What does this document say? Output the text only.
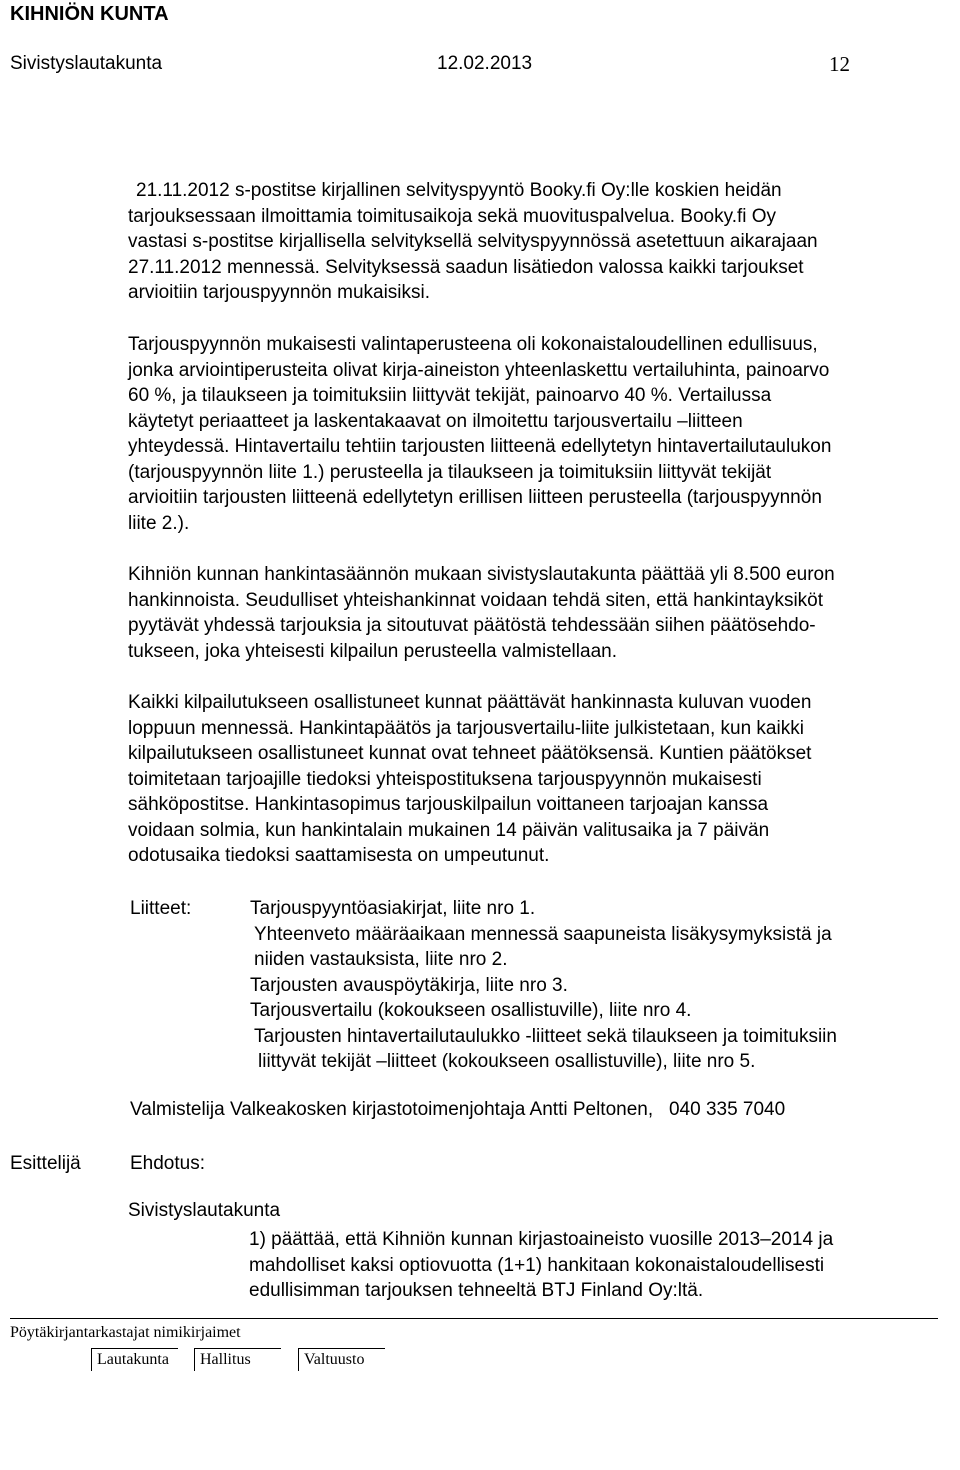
KIHNIÖN KUNTA
Sivistyslautakunta	12.02.2013	12
21.11.2012 s-postitse kirjallinen selvityspyyntö Booky.fi Oy:lle koskien heidän
tarjouksessaan ilmoittamia toimitusaikoja sekä muovituspalvelua. Booky.fi Oy
vastasi s-postitse kirjallisella selvityksellä selvityspyynnössä asetettuun aikarajaan
27.11.2012 mennessä. Selvityksessä saadun lisätiedon valossa kaikki tarjoukset
arvioitiin tarjouspyynnön mukaisiksi.
Tarjouspyynnön mukaisesti valintaperusteena oli kokonaistaloudellinen edullisuus,
jonka arviointiperusteita olivat kirja-aineiston yhteenlaskettu vertailuhinta, painoarvo
60 %, ja tilaukseen ja toimituksiin liittyvät tekijät, painoarvo 40 %. Vertailussa
käytetyt periaatteet ja laskentakaavat on ilmoitettu tarjousvertailu –liitteen
yhteydessä. Hintavertailu tehtiin tarjousten liitteenä edellytetyn hintavertailutaulukon
(tarjouspyynnön liite 1.) perusteella ja tilaukseen ja toimituksiin liittyvät tekijät
arvioitiin tarjousten liitteenä edellytetyn erillisen liitteen perusteella (tarjouspyynnön
liite 2.).
Kihniön kunnan hankintasäännön mukaan sivistyslautakunta päättää yli 8.500 euron
hankinnoista. Seudulliset yhteishankinnat voidaan tehdä siten, että hankintayksiköt
pyytävät yhdessä tarjouksia ja sitoutuvat päätöstä tehdessään siihen päätösehdo-
tukseen, joka yhteisesti kilpailun perusteella valmistellaan.
Kaikki kilpailutukseen osallistuneet kunnat päättävät hankinnasta kuluvan vuoden
loppuun mennessä. Hankintapäätös ja tarjousvertailu-liite julkistetaan, kun kaikki
kilpailutukseen osallistuneet kunnat ovat tehneet päätöksensä. Kuntien päätökset
toimitetaan tarjoajille tiedoksi yhteispostituksena tarjouspyynnön mukaisesti
sähköpostitse. Hankintasopimus tarjouskilpailun voittaneen tarjoajan kanssa
voidaan solmia, kun hankintalain mukainen 14 päivän valitusaika ja 7 päivän
odotusaika tiedoksi saattamisesta on umpeutunut.
Liitteet:	Tarjouspyyntöasiakirjat, liite nro 1.
Yhteenveto määräaikaan mennessä saapuneista lisäkysymyksistä ja
niiden vastauksista, liite nro 2.
Tarjousten avauspöytäkirja, liite nro 3.
Tarjousvertailu (kokoukseen osallistuville), liite nro 4.
Tarjousten hintavertailutaulukko -liitteet sekä tilaukseen ja toimituksiin
liittyvät tekijät –liitteet (kokoukseen osallistuville), liite nro 5.
Valmistelija Valkeakosken kirjastotoimenjohtaja Antti Peltonen,   040 335 7040
Esittelijä	Ehdotus:
Sivistyslautakunta
1) päättää, että Kihniön kunnan kirjastoaineisto vuosille 2013–2014 ja
mahdolliset kaksi optiovuotta (1+1) hankitaan kokonaistaloudellisesti
edullisimman tarjouksen tehneeltä BTJ Finland Oy:ltä.
Pöytäkirjantarkastajat nimikirjaimet
Lautakunta Hallitus	Valtuusto
